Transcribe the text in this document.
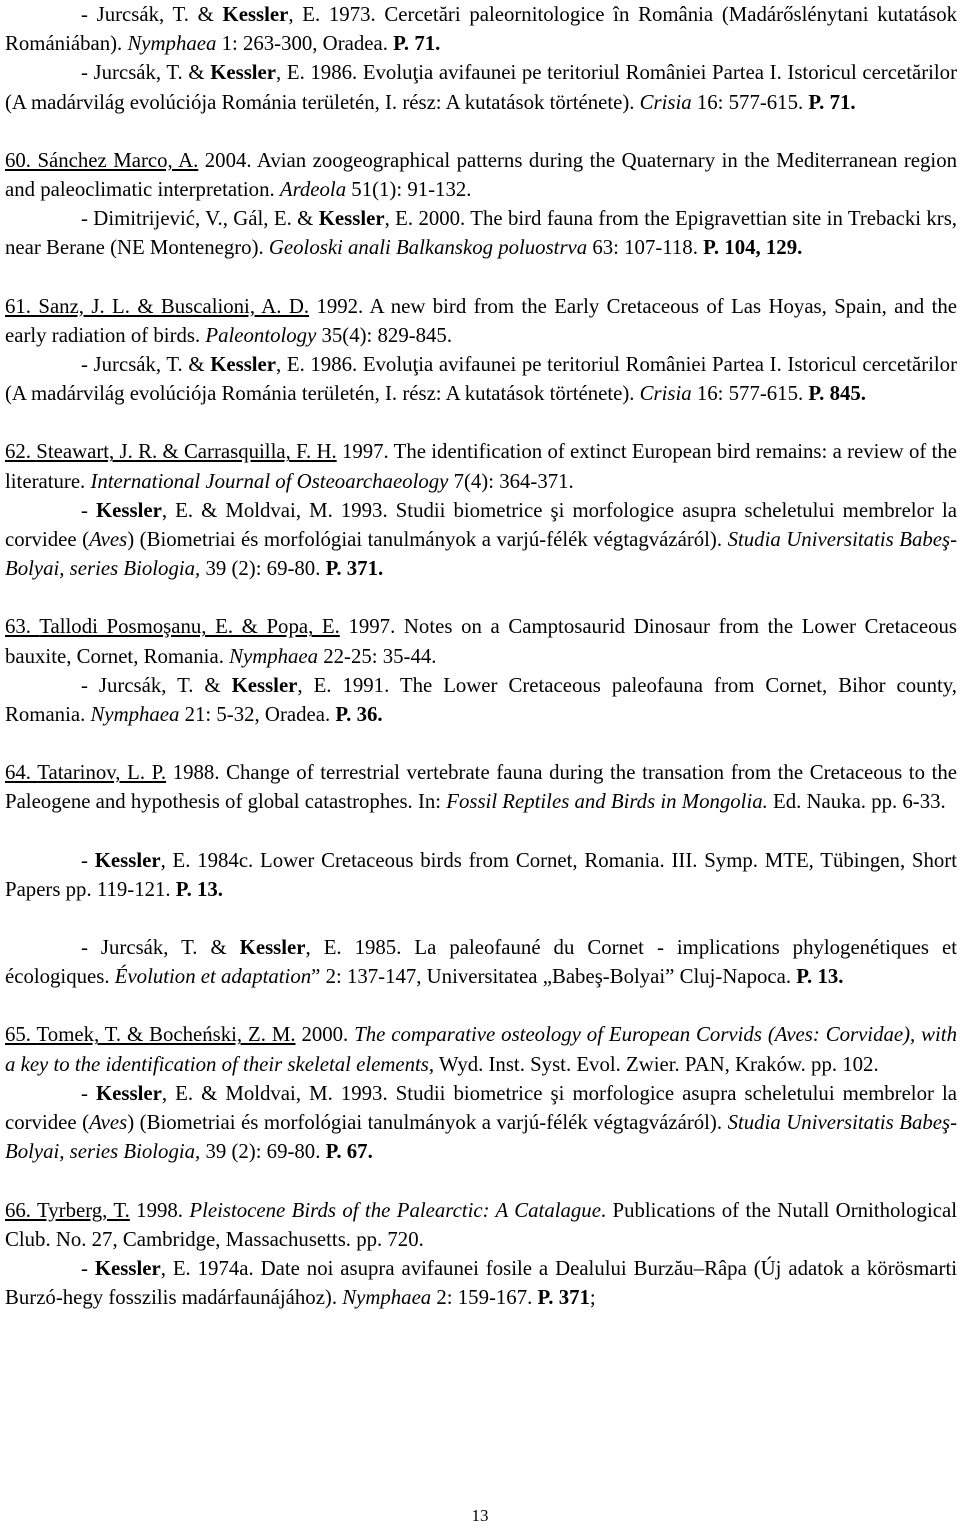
- Jurcsák, T. & Kessler, E. 1973. Cercetări paleornitologice în România (Madárőslénytani kutatások Romániában). Nymphaea 1: 263-300, Oradea. P. 71.

- Jurcsák, T. & Kessler, E. 1986. Evoluţia avifaunei pe teritoriul României Partea I. Istoricul cercetărilor (A madárvilág evolúciója Románia területén, I. rész: A kutatások története). Crisia 16: 577-615. P. 71.

60. Sánchez Marco, A. 2004. Avian zoogeographical patterns during the Quaternary in the Mediterranean region and paleoclimatic interpretation. Ardeola 51(1): 91-132.

- Dimitrijević, V., Gál, E. & Kessler, E. 2000. The bird fauna from the Epigravettian site in Trebacki krs, near Berane (NE Montenegro). Geoloski anali Balkanskog poluostrva 63: 107-118. P. 104, 129.

61. Sanz, J. L. & Buscalioni, A. D. 1992. A new bird from the Early Cretaceous of Las Hoyas, Spain, and the early radiation of birds. Paleontology 35(4): 829-845.

- Jurcsák, T. & Kessler, E. 1986. Evoluţia avifaunei pe teritoriul României Partea I. Istoricul cercetărilor (A madárvilág evolúciója Románia területén, I. rész: A kutatások története). Crisia 16: 577-615. P. 845.

62. Steawart, J. R. & Carrasquilla, F. H. 1997. The identification of extinct European bird remains: a review of the literature. International Journal of Osteoarchaeology 7(4): 364-371.

- Kessler, E. & Moldvai, M. 1993. Studii biometrice şi morfologice asupra scheletului membrelor la corvidee (Aves) (Biometriai és morfológiai tanulmányok a varjú-félék végtagvázáról). Studia Universitatis Babeş-Bolyai, series Biologia, 39 (2): 69-80. P. 371.

63. Tallodi Posmoşanu, E. & Popa, E. 1997. Notes on a Camptosaurid Dinosaur from the Lower Cretaceous bauxite, Cornet, Romania. Nymphaea 22-25: 35-44.

- Jurcsák, T. & Kessler, E. 1991. The Lower Cretaceous paleofauna from Cornet, Bihor county, Romania. Nymphaea 21: 5-32, Oradea. P. 36.

64. Tatarinov, L. P. 1988. Change of terrestrial vertebrate fauna during the transation from the Cretaceous to the Paleogene and hypothesis of global catastrophes. In: Fossil Reptiles and Birds in Mongolia. Ed. Nauka. pp. 6-33.

- Kessler, E. 1984c. Lower Cretaceous birds from Cornet, Romania. III. Symp. MTE, Tübingen, Short Papers pp. 119-121. P. 13.

- Jurcsák, T. & Kessler, E. 1985. La paleofauné du Cornet - implications phylogenétiques et écologiques. Évolution et adaptation” 2: 137-147, Universitatea „Babeş-Bolyai” Cluj-Napoca. P. 13.

65. Tomek, T. & Bocheński, Z. M. 2000. The comparative osteology of European Corvids (Aves: Corvidae), with a key to the identification of their skeletal elements, Wyd. Inst. Syst. Evol. Zwier. PAN, Kraków. pp. 102.

- Kessler, E. & Moldvai, M. 1993. Studii biometrice şi morfologice asupra scheletului membrelor la corvidee (Aves) (Biometriai és morfológiai tanulmányok a varjú-félék végtagvázáról). Studia Universitatis Babeş-Bolyai, series Biologia, 39 (2): 69-80. P. 67.

66. Tyrberg, T. 1998. Pleistocene Birds of the Palearctic: A Catalague. Publications of the Nutall Ornithological Club. No. 27, Cambridge, Massachusetts. pp. 720.

- Kessler, E. 1974a. Date noi asupra avifaunei fosile a Dealului Burzău–Râpa (Új adatok a körösmarti Burzó-hegy fosszilis madárfaunájához). Nymphaea 2: 159-167. P. 371;

13
